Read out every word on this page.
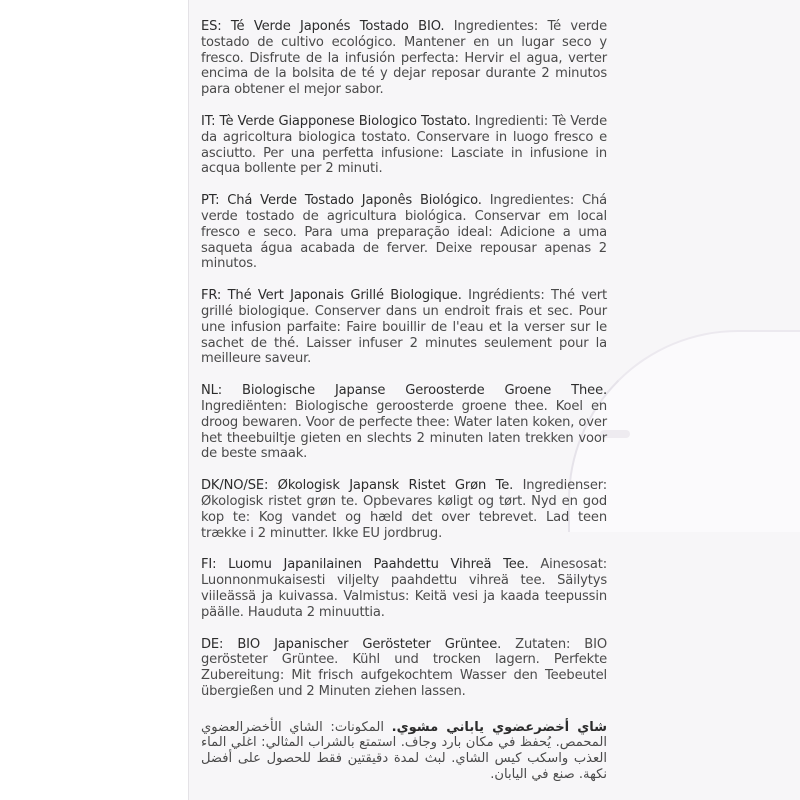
ES: Té Verde Japonés Tostado BIO. Ingredientes: Té verde tostado de cultivo ecológico. Mantener en un lugar seco y fresco. Disfrute de la infusión perfecta: Hervir el agua, verter encima de la bolsita de té y dejar reposar durante 2 minutos para obtener el mejor sabor.

IT: Tè Verde Giapponese Biologico Tostato. Ingredienti: Tè Verde da agricoltura biologica tostato. Conservare in luogo fresco e asciutto. Per una perfetta infusione: Lasciate in infusione in acqua bollente per 2 minuti.

PT: Chá Verde Tostado Japonês Biológico. Ingredientes: Chá verde tostado de agricultura biológica. Conservar em local fresco e seco. Para uma preparação ideal: Adicione a uma saqueta água acabada de ferver. Deixe repousar apenas 2 minutos.

FR: Thé Vert Japonais Grillé Biologique. Ingrédients: Thé vert grillé biologique. Conserver dans un endroit frais et sec. Pour une infusion parfaite: Faire bouillir de l'eau et la verser sur le sachet de thé. Laisser infuser 2 minutes seulement pour la meilleure saveur.

NL: Biologische Japanse Geroosterde Groene Thee. Ingrediënten: Biologische geroosterde groene thee. Koel en droog bewaren. Voor de perfecte thee: Water laten koken, over het theebuiltje gieten en slechts 2 minuten laten trekken voor de beste smaak.

DK/NO/SE: Økologisk Japansk Ristet Grøn Te. Ingredienser: Økologisk ristet grøn te. Opbevares køligt og tørt. Nyd en god kop te: Kog vandet og hæld det over tebrevet. Lad teen trække i 2 minutter. Ikke EU jordbrug.

FI: Luomu Japanilainen Paahdettu Vihreä Tee. Ainesosat: Luonnonmukaisesti viljelty paahdettu vihreä tee. Säilytys viileässä ja kuivassa. Valmistus: Keitä vesi ja kaada teepussin päälle. Hauduta 2 minuuttia.

DE: BIO Japanischer Gerösteter Grüntee. Zutaten: BIO gerösteter Grüntee. Kühl und trocken lagern. Perfekte Zubereitung: Mit frisch aufgekochtem Wasser den Teebeutel übergießen und 2 Minuten ziehen lassen.

شاي أخضرعضوي ياباني مشوي. المكونات: الشاي الأخضرالعضوي المحمص. يُحفظ في مكان بارد وجاف. استمتع بالشراب المثالي: اغلي الماء العذب واسكب كيس الشاي. لبث لمدة دقيقتين فقط للحصول على أفضل نكهة. صنع في اليابان.
